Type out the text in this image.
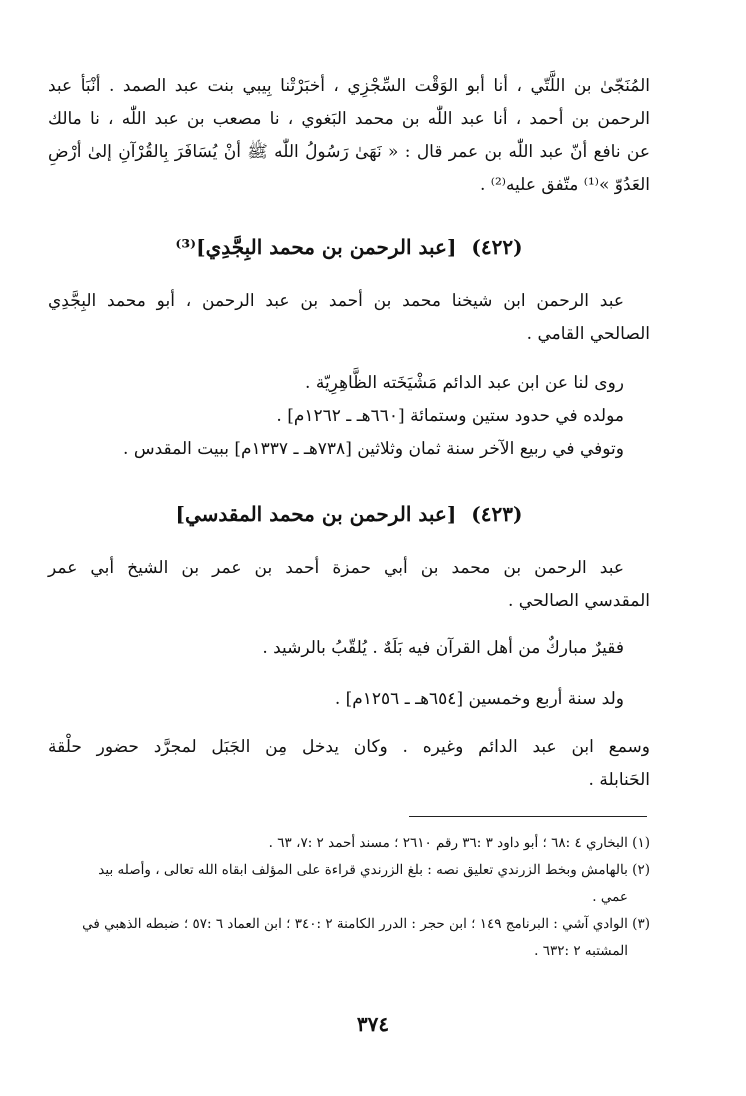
المُنَجّىٰ بن اللَّتّي ، أنا أبو الوَقْت السِّجْزِي ، أخبَرْتْنا بِيبي بنت عبد الصمد . أنْبَأ عبد
الرحمن بن أحمد ، أنا عبد اللّٰه بن محمد البَغوي ، نا مصعب بن عبد اللّٰه ، نا مالك
عن نافع أنّ عبد اللّٰه بن عمر قال : « نَهَىٰ رَسُولُ اللّٰه ﷺ أنْ يُسَافَرَ بِالقُرْآنِ إلىٰ أرْضِ
العَدُوّ »⁽¹⁾ متّفق عليه⁽²⁾ .
(٤٢٢) [عبد الرحمن بن محمد البِجَّدِي]⁽³⁾
عبد الرحمن ابن شيخنا محمد بن أحمد بن عبد الرحمن ، أبو محمد البِجَّدِي
الصالحي القامي .
روى لنا عن ابن عبد الدائم مَشْيَخَته الظَّاهِرِيّة .
مولده في حدود ستين وستمائة [٦٦٠هـ ـ ١٢٦٢م] .
وتوفي في ربيع الآخر سنة ثمان وثلاثين [٧٣٨هـ ـ ١٣٣٧م] ببيت المقدس .
(٤٢٣) [عبد الرحمن بن محمد المقدسي]
عبد الرحمن بن محمد بن أبي حمزة أحمد بن عمر بن الشيخ أبي عمر
المقدسي الصالحي .
فقيرٌ مباركٌ من أهل القرآن فيه بَلَهٌ . يُلقّبُ بالرشيد .
ولد سنة أربع وخمسين [٦٥٤هـ ـ ١٢٥٦م] .
وسمع ابن عبد الدائم وغيره . وكان يدخل مِن الجَبَل لمجرَّد حضور حلْقة
الحَنابلة .
(١) البخاري ٤ :٦٨ ؛ أبو داود ٣ :٣٦ رقم ٢٦١٠ ؛ مسند أحمد ٢ :٧، ٦٣ .
(٢) بالهامش وبخط الزرندي تعليق نصه : بلغ الزرندي قراءة على المؤلف ابقاه الله تعالى ، وأصله بيد
عمي .
(٣) الوادي آشي : البرنامج ١٤٩ ؛ ابن حجر : الدرر الكامنة ٢ :٣٤٠ ؛ ابن العماد ٦ :٥٧ ؛ ضبطه الذهبي في
المشتبه ٢ :٦٣٢ .
٣٧٤
